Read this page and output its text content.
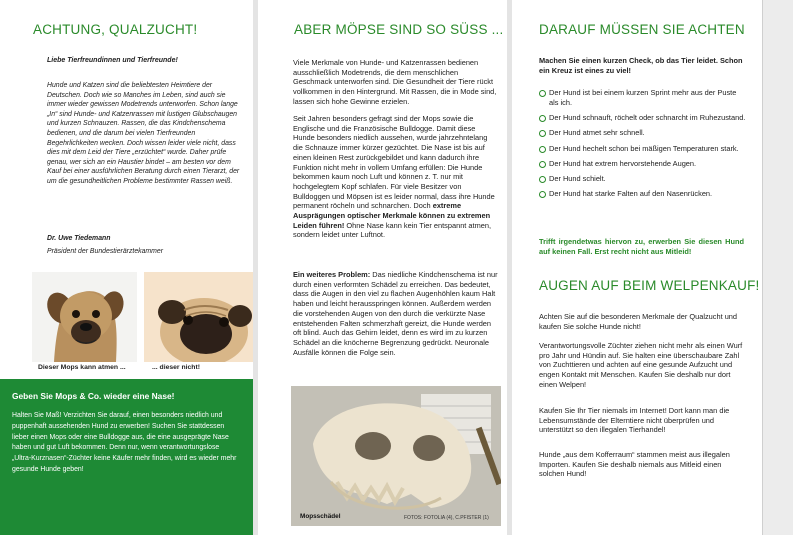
ACHTUNG, QUALZUCHT!

Liebe Tierfreundinnen und Tierfreunde!

Hunde und Katzen sind die beliebtesten Heimtiere der Deutschen. Doch wie so Manches im Leben, sind auch sie immer wieder gewissen Modetrends unterworfen. Schon lange „In“ sind Hunde- und Katzenrassen mit lustigen Glubschaugen und kurzen Schnauzen. Rassen, die das Kindchenschema bedienen, und die darum bei vielen Tierfreunden Begehrlichkeiten wecken. Doch wissen leider viele nicht, dass dies mit dem Leid der Tiere „erzüchtet“ wurde. Daher prüfe genau, wer sich an ein Haustier bindet – am besten vor dem Kauf bei einer ausführlichen Beratung durch einen Tierarzt, der um die gesundheitlichen Probleme bestimmter Rassen weiß.

Dr. Uwe Tiedemann

Präsident der Bundestierärztekammer

Dieser Mops kann atmen ...	... dieser nicht!
Geben Sie Mops & Co. wieder eine Nase!
Halten Sie Maß! Verzichten Sie darauf, einen besonders niedlich und puppenhaft aussehenden Hund zu erwerben! Suchen Sie stattdessen lieber einen Mops oder eine Bulldogge aus, die eine ausgeprägte Nase haben und gut Luft bekommen. Denn nur, wenn verantwortungslose „Ultra-Kurznasen“-Züchter keine Käufer mehr finden, wird es wieder mehr gesunde Hunde geben!
ABER MÖPSE SIND SO SÜSS ...

Viele Merkmale von Hunde- und Katzenrassen bedienen ausschließlich Modetrends, die dem menschlichen Geschmack unterworfen sind. Die Gesundheit der Tiere rückt vollkommen in den Hintergrund. Mit Rassen, die in Mode sind, lassen sich hohe Gewinne erzielen.

Seit Jahren besonders gefragt sind der Mops sowie die Englische und die Französische Bulldogge. Damit diese Hunde besonders niedlich aussehen, wurde jahrzehntelang die Schnauze immer kürzer gezüchtet. Die Nase ist bis auf einen kleinen Rest zurückgebildet und kann dadurch ihre Funktion nicht mehr in vollem Umfang erfüllen: Die Hunde bekommen kaum noch Luft und können z. T. nur mit hochgelegtem Kopf schlafen. Für viele Besitzer von Bulldoggen und Möpsen ist es leider normal, dass ihre Hunde permanent röcheln und schnarchen. Doch extreme Ausprägungen optischer Merkmale können zu extremen Leiden führen! Ohne Nase kann kein Tier entspannt atmen, sondern leidet unter Luftnot.

Ein weiteres Problem: Das niedliche Kindchenschema ist nur durch einen verformten Schädel zu erreichen. Das bedeutet, dass die Augen in den viel zu flachen Augenhöhlen kaum Halt haben und leicht herausspringen können. Außerdem werden die vorstehenden Augen von den durch die verkürzte Nase entstehenden Falten schmerzhaft gereizt, die Hunde werden oft blind. Auch das Gehirn leidet, denn es wird im zu kurzen Schädel an die knöcherne Begrenzung gedrückt. Neuronale Ausfälle können die Folge sein.

Mopsschädel	FOTOS: FOTOLIA (4), C.PFISTER (1)
DARAUF MÜSSEN SIE ACHTEN

Machen Sie einen kurzen Check, ob das Tier leidet. Schon ein Kreuz ist eines zu viel!

Der Hund ist bei einem kurzen Sprint mehr aus der Puste als ich.
Der Hund schnauft, röchelt oder schnarcht im Ruhezustand.
Der Hund atmet sehr schnell.
Der Hund hechelt schon bei mäßigen Temperaturen stark.
Der Hund hat extrem hervorstehende Augen.
Der Hund schielt.
Der Hund hat starke Falten auf den Nasenrücken.

Trifft irgendetwas hiervon zu, erwerben Sie diesen Hund auf keinen Fall. Erst recht nicht aus Mitleid!

AUGEN AUF BEIM WELPENKAUF!

Achten Sie auf die besonderen Merkmale der Qualzucht und kaufen Sie solche Hunde nicht!

Verantwortungsvolle Züchter ziehen nicht mehr als einen Wurf pro Jahr und Hündin auf. Sie halten eine überschaubare Zahl von Zuchttieren und achten auf eine gesunde Aufzucht und engen Kontakt mit Menschen. Kaufen Sie deshalb nur dort einen Welpen!

Kaufen Sie Ihr Tier niemals im Internet! Dort kann man die Lebensumstände der Elterntiere nicht überprüfen und unterstützt so den illegalen Tierhandel!

Hunde „aus dem Kofferraum“ stammen meist aus illegalen Importen. Kaufen Sie deshalb niemals aus Mitleid einen solchen Hund!
